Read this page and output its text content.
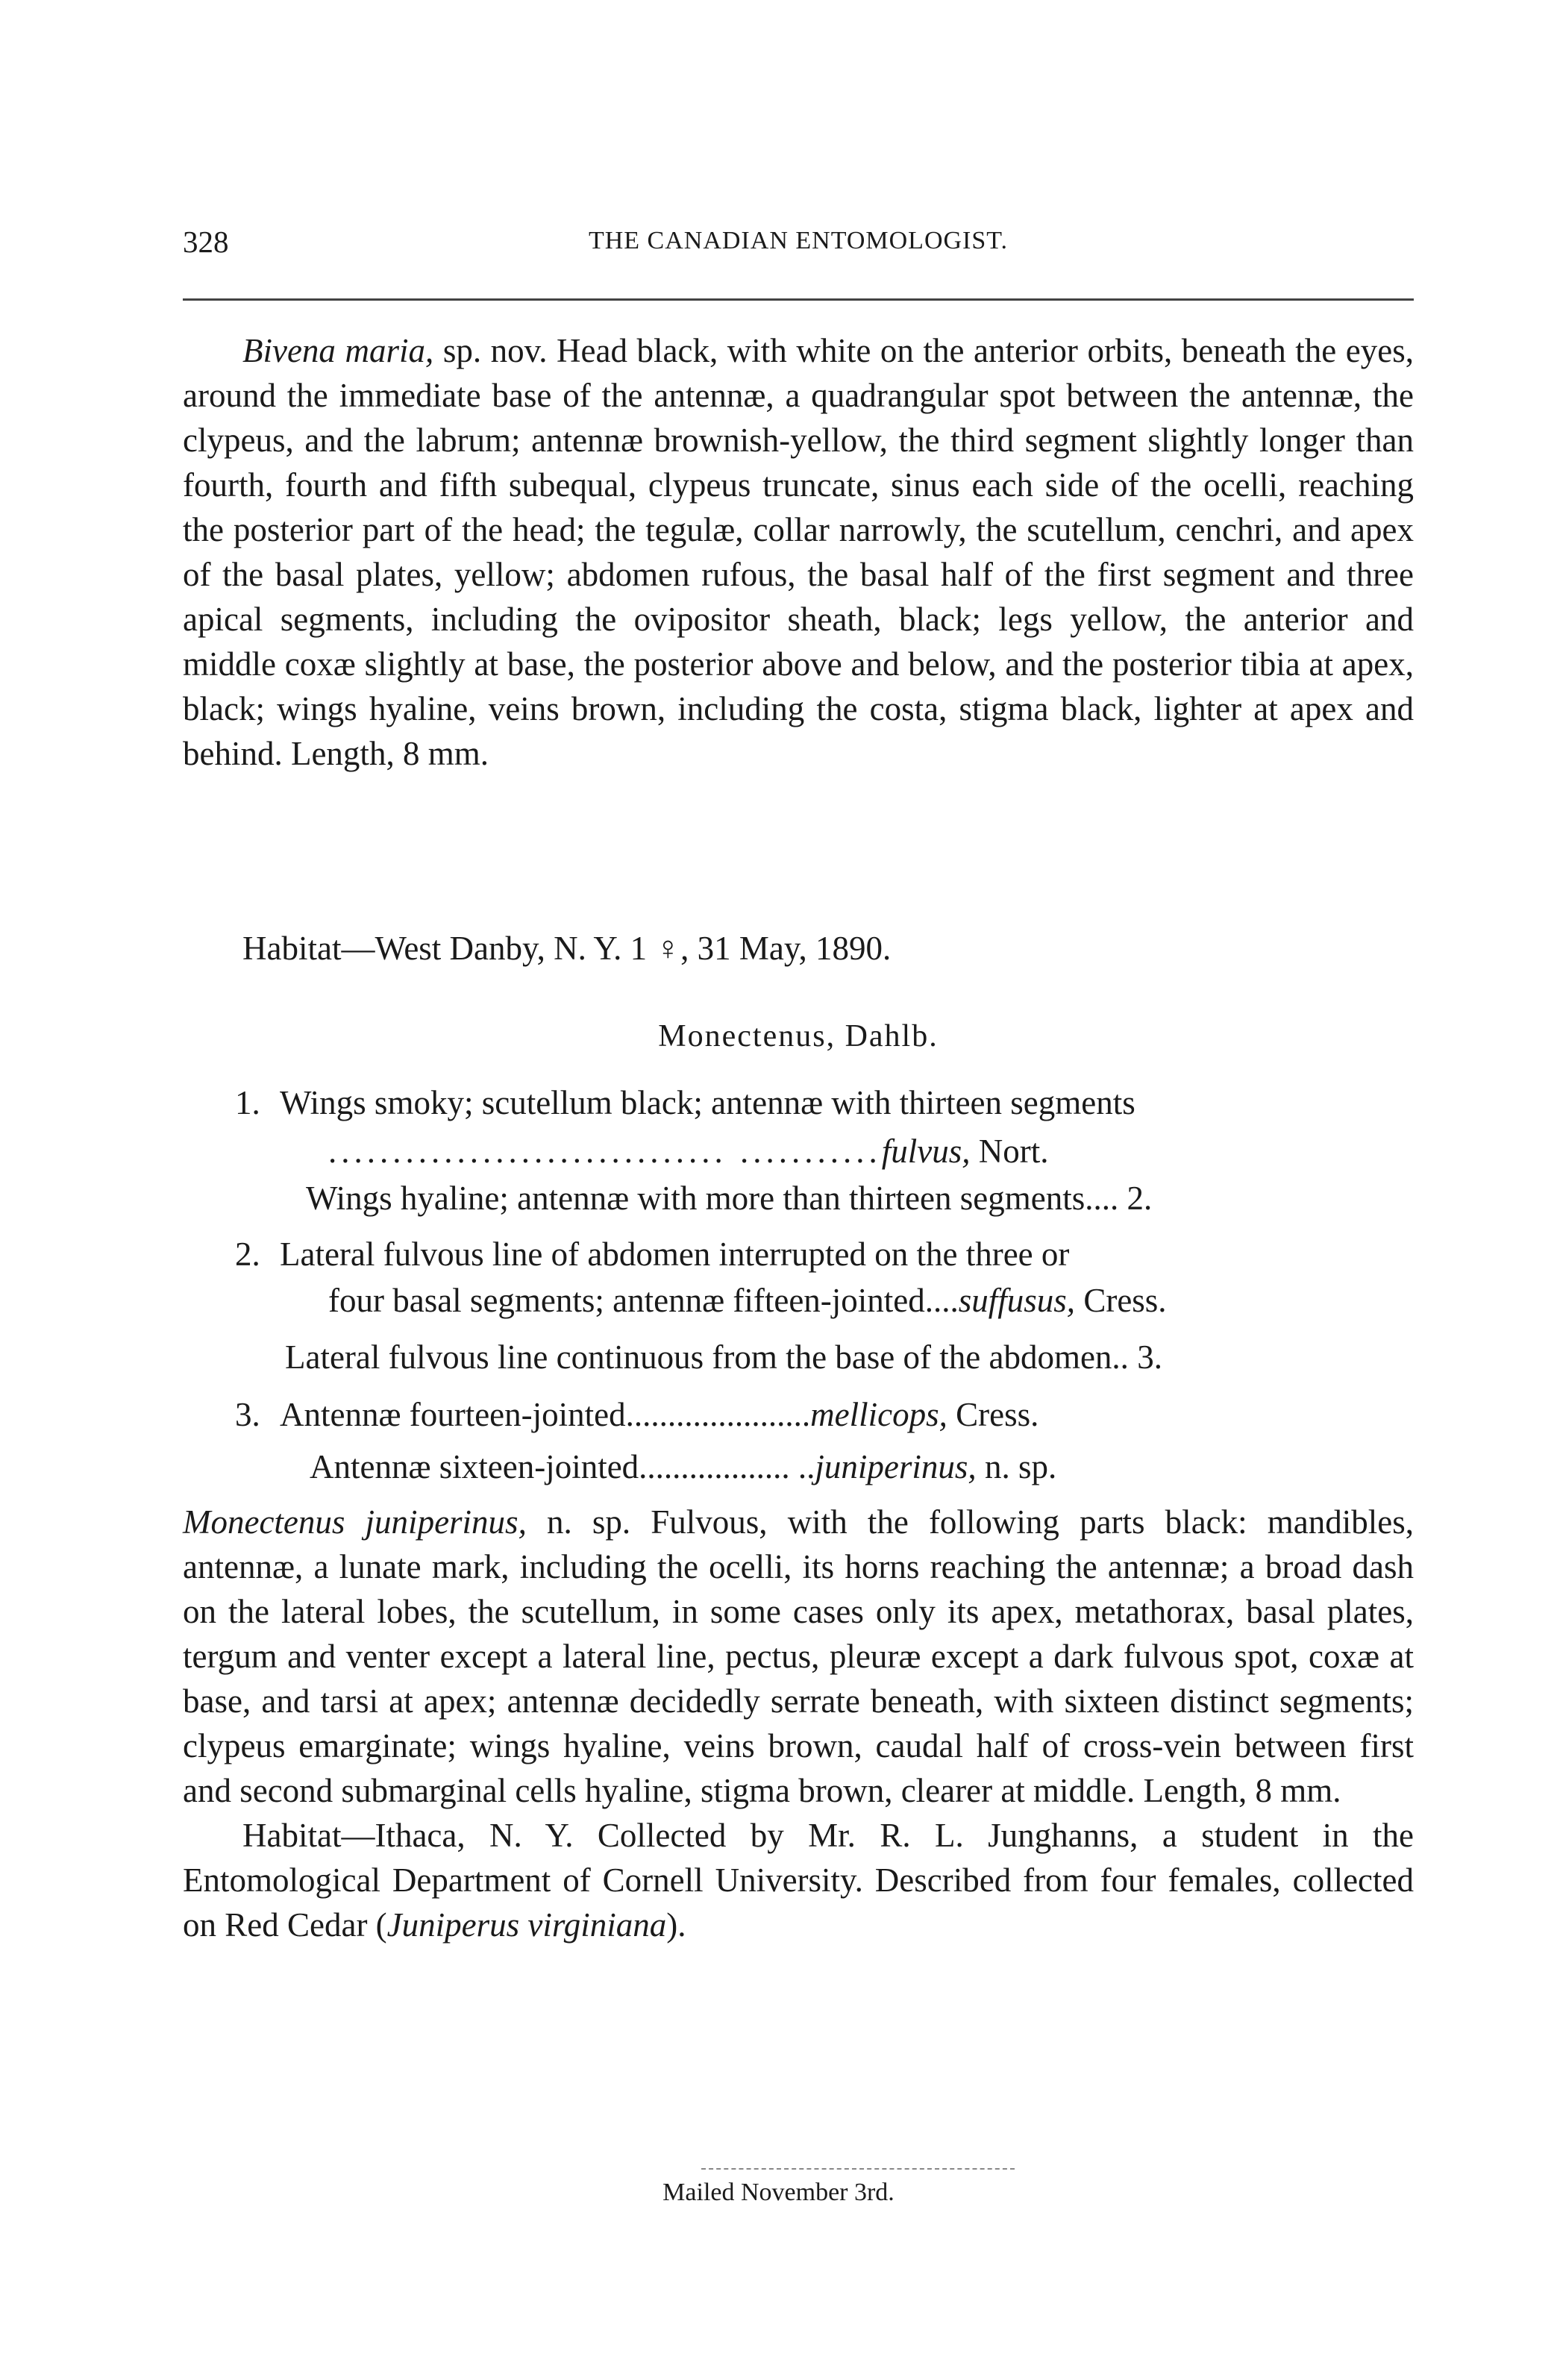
328	THE CANADIAN ENTOMOLOGIST.

Bivena maria, sp. nov. Head black, with white on the anterior orbits, beneath the eyes, around the immediate base of the antennæ, a quadrangular spot between the antennæ, the clypeus, and the labrum; antennæ brownish-yellow, the third segment slightly longer than fourth, fourth and fifth subequal, clypeus truncate, sinus each side of the ocelli, reaching the posterior part of the head; the tegulæ, collar narrowly, the scutellum, cenchri, and apex of the basal plates, yellow; abdomen rufous, the basal half of the first segment and three apical segments, including the ovipositor sheath, black; legs yellow, the anterior and middle coxæ slightly at base, the posterior above and below, and the posterior tibia at apex, black; wings hyaline, veins brown, including the costa, stigma black, lighter at apex and behind. Length, 8 mm.

Habitat—West Danby, N. Y. 1 ♀, 31 May, 1890.
Monectenus, Dahlb.
1. Wings smoky; scutellum black; antennæ with thirteen segments
............................... ...........fulvus, Nort.
Wings hyaline; antennæ with more than thirteen segments.... 2.
2. Lateral fulvous line of abdomen interrupted on the three or
four basal segments; antennæ fifteen-jointed....suffusus, Cress.
Lateral fulvous line continuous from the base of the abdomen.. 3.
3. Antennæ fourteen-jointed......................mellicops, Cress.
Antennæ sixteen-jointed.................. ..juniperinus, n. sp.

Monectenus juniperinus, n. sp. Fulvous, with the following parts black: mandibles, antennæ, a lunate mark, including the ocelli, its horns reaching the antennæ; a broad dash on the lateral lobes, the scutellum, in some cases only its apex, metathorax, basal plates, tergum and venter except a lateral line, pectus, pleuræ except a dark fulvous spot, coxæ at base, and tarsi at apex; antennæ decidedly serrate beneath, with sixteen distinct segments; clypeus emarginate; wings hyaline, veins brown, caudal half of cross-vein between first and second submarginal cells hyaline, stigma brown, clearer at middle. Length, 8 mm.

Habitat—Ithaca, N. Y. Collected by Mr. R. L. Junghanns, a student in the Entomological Department of Cornell University. Described from four females, collected on Red Cedar (Juniperus virginiana).

Mailed November 3rd.
